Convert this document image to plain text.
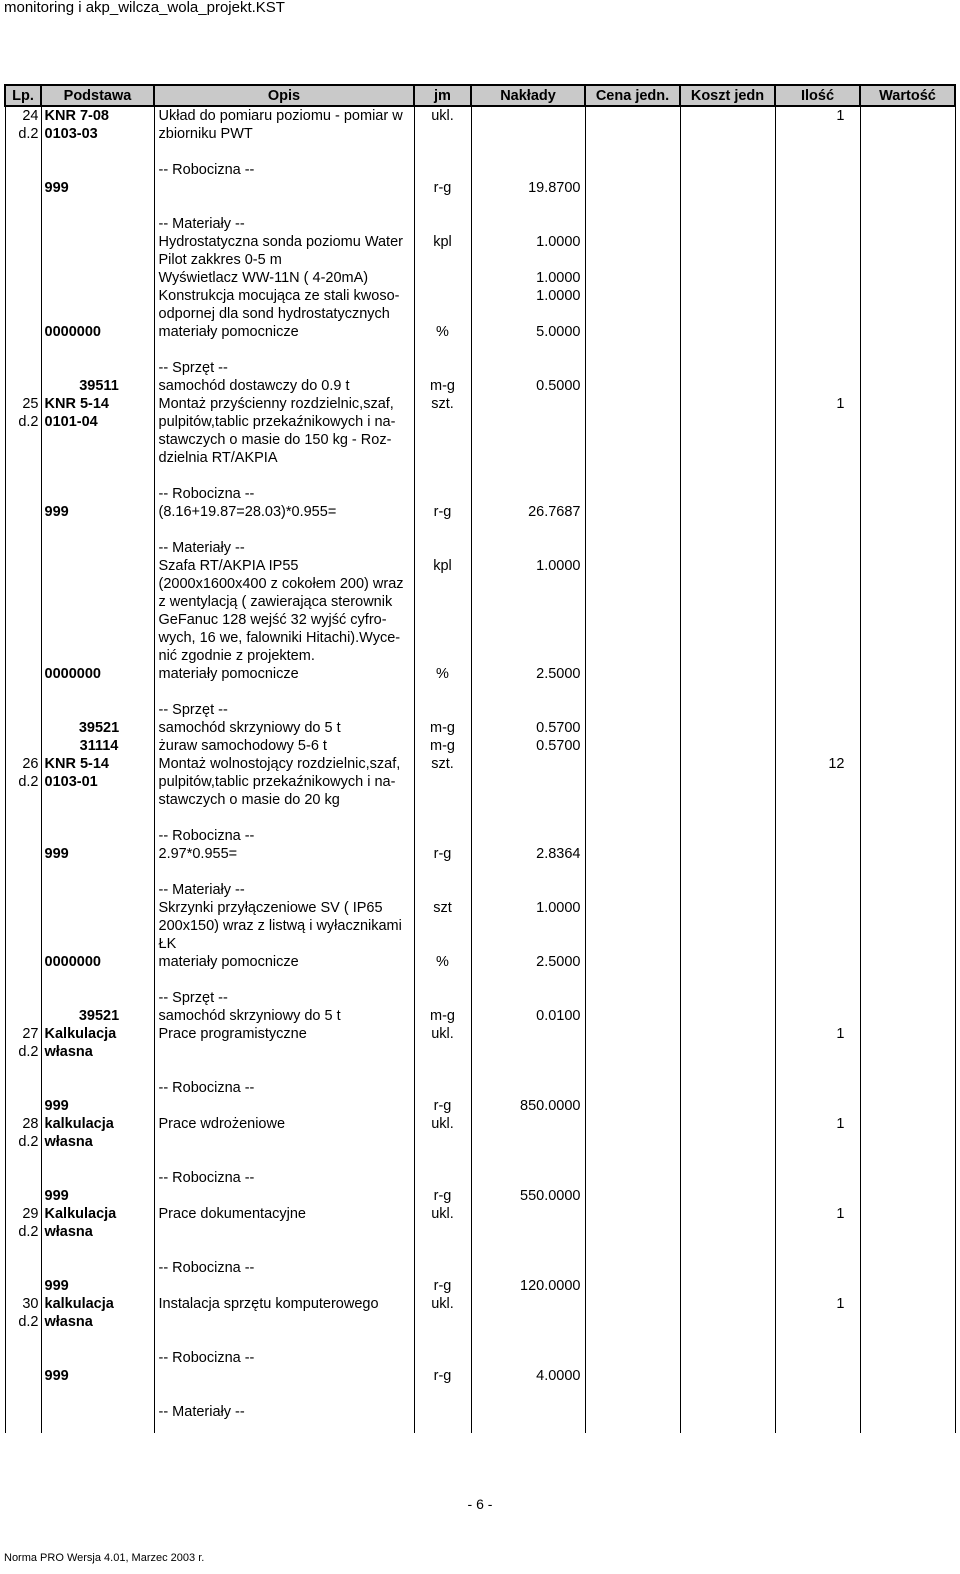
monitoring i akp_wilcza_wola_projekt.KST
Lp.	Podstawa	Opis	jm	Nakłady	Cena jedn.	Koszt jedn	Ilość	Wartość
24	KNR 7-08	Układ do pomiaru poziomu - pomiar w	ukl.				1	
d.2	0103-03	zbiorniku PWT						

		-- Robocizna --						
	999		r-g	19.8700				

		-- Materiały --						
		Hydrostatyczna sonda poziomu Water	kpl	1.0000				
		Pilot zakkres 0-5 m						
		Wyświetlacz WW-11N ( 4-20mA)		1.0000				
		Konstrukcja mocująca ze stali kwoso-		1.0000				
		odpornej dla sond hydrostatycznych						
	0000000	materiały pomocnicze	%	5.0000				

		-- Sprzęt --						
	39511	samochód dostawczy do 0.9 t	m-g	0.5000				
25	KNR 5-14	Montaż przyścienny rozdzielnic,szaf,	szt.				1	
d.2	0101-04	pulpitów,tablic przekaźnikowych i na-						
		stawczych o masie do 150 kg - Roz-						
		dzielnia RT/AKPIA						

		-- Robocizna --						
	999	(8.16+19.87=28.03)*0.955=	r-g	26.7687				

		-- Materiały --						
		Szafa RT/AKPIA IP55	kpl	1.0000				
		(2000x1600x400 z cokołem 200) wraz						
		z wentylacją ( zawierająca sterownik						
		GeFanuc 128 wejść 32 wyjść cyfro-						
		wych, 16 we, falowniki Hitachi).Wyce-						
		nić zgodnie z projektem.						
	0000000	materiały pomocnicze	%	2.5000				

		-- Sprzęt --						
	39521	samochód skrzyniowy do 5 t	m-g	0.5700				
	31114	żuraw samochodowy 5-6 t	m-g	0.5700				
26	KNR 5-14	Montaż wolnostojący rozdzielnic,szaf,	szt.				12	
d.2	0103-01	pulpitów,tablic przekaźnikowych i na-						
		stawczych o masie do 20 kg						

		-- Robocizna --						
	999	2.97*0.955=	r-g	2.8364				

		-- Materiały --						
		Skrzynki przyłączeniowe SV ( IP65	szt	1.0000				
		200x150) wraz z listwą i wyłacznikami						
		ŁK						
	0000000	materiały pomocnicze	%	2.5000				

		-- Sprzęt --						
	39521	samochód skrzyniowy do 5 t	m-g	0.0100				
27	Kalkulacja	Prace programistyczne	ukl.				1	
d.2	własna							

		-- Robocizna --						
	999		r-g	850.0000				
28	kalkulacja	Prace wdrożeniowe	ukl.				1	
d.2	własna							

		-- Robocizna --						
	999		r-g	550.0000				
29	Kalkulacja	Prace dokumentacyjne	ukl.				1	
d.2	własna							

		-- Robocizna --						
	999		r-g	120.0000				
30	kalkulacja	Instalacja sprzętu komputerowego	ukl.				1	
d.2	własna							

		-- Robocizna --						
	999		r-g	4.0000				

		-- Materiały --						

- 6 -
Norma PRO Wersja 4.01, Marzec 2003 r.
